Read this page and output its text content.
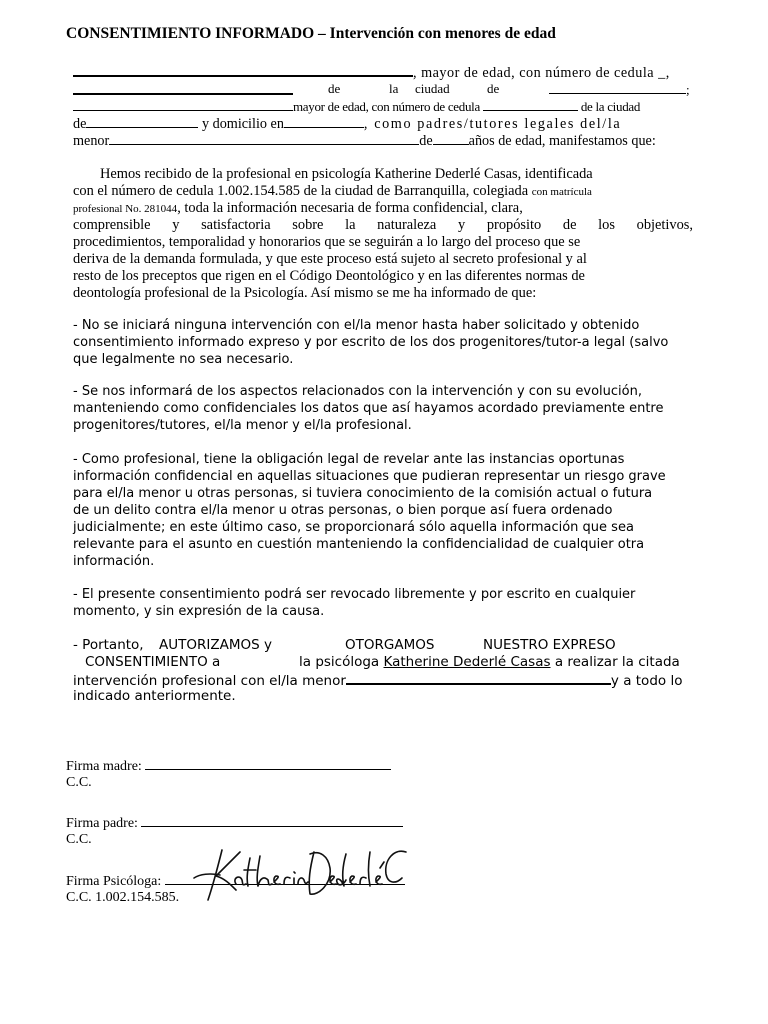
CONSENTIMIENTO INFORMADO – Intervención con menores de edad
, mayor de edad, con número de cedula _,
de	la ciudad	de	;
mayor de edad, con número de cedula	de la ciudad
de	y domicilio en	, como padres/tutores legales del/la
menor	de	años de edad, manifestamos que:
Hemos recibido de la profesional en psicología Katherine Dederlé Casas, identificada
con el número de cedula 1.002.154.585 de la ciudad de Barranquilla, colegiada con matrícula
profesional No. 281044, toda la información necesaria de forma confidencial, clara,
comprensible y satisfactoria sobre la naturaleza y propósito de los objetivos,
procedimientos, temporalidad y honorarios que se seguirán a lo largo del proceso que se
deriva de la demanda formulada, y que este proceso está sujeto al secreto profesional y al
resto de los preceptos que rigen en el Código Deontológico y en las diferentes normas de
deontología profesional de la Psicología. Así mismo se me ha informado de que:
- No se iniciará ninguna intervención con el/la menor hasta haber solicitado y obtenido
consentimiento informado expreso y por escrito de los dos progenitores/tutor-a legal (salvo
que legalmente no sea necesario.
- Se nos informará de los aspectos relacionados con la intervención y con su evolución,
manteniendo como confidenciales los datos que así hayamos acordado previamente entre
progenitores/tutores, el/la menor y el/la profesional.
- Como profesional, tiene la obligación legal de revelar ante las instancias oportunas
información confidencial en aquellas situaciones que pudieran representar un riesgo grave
para el/la menor u otras personas, si tuviera conocimiento de la comisión actual o futura
de un delito contra el/la menor u otras personas, o bien porque así fuera ordenado
judicialmente; en este último caso, se proporcionará sólo aquella información que sea
relevante para el asunto en cuestión manteniendo la confidencialidad de cualquier otra
información.
- El presente consentimiento podrá ser revocado libremente y por escrito en cualquier
momento, y sin expresión de la causa.
- Portanto, AUTORIZAMOS y	OTORGAMOS	NUESTRO EXPRESO
CONSENTIMIENTO a	la psicóloga Katherine Dederlé Casas a realizar la citada
intervención profesional con el/la menor	y a todo lo
indicado anteriormente.
Firma madre:
C.C.
Firma padre:
C.C.
Firma Psicóloga:
C.C. 1.002.154.585.
